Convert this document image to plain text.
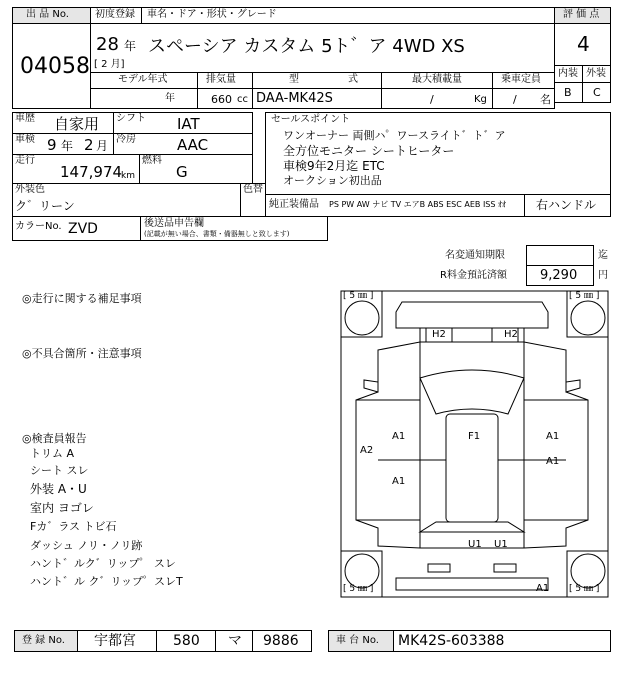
出 品 No.
04058
初度登録 車名・ドア・形状・グレード
28 年
[ 2 月]
スペーシア カスタム 5ト゛ア 4WD XS
モデル年式	排気量	型	式	最大積載量	乗車定員
年	660 cc DAA-MK42S	/	Kg / 名
評 価 点
4
内装 外装
B C
車歴 自家用 シフト IAT
車検 9 年 2 月 冷房	AAC
走行
147,974
km
燃料
G
外装色
ク゛リーン
色替
カラーNo. ZVD	後送品申告欄
(記載が無い場合、書類・備器無しと致します)
セールスポイント
ワンオーナー 両側ハ゜ワースライト゛ト゛ア
全方位モニター シートヒーター
車検9年2月迄 ETC
オークション初出品
純正装備品 PS PW AW ナビ TV エアB ABS ESC AEB ISS ｵｵ 右ハンドル
名変通知期限	迄
R料金預託済額	9,290 円
◎走行に関する補足事項
◎不具合箇所・注意事項
◎検査員報告
トリム A
シート スレ
外装 A・U
室内 ヨゴレ
Fカ゛ラス トビ石
ダッシュ ノリ・ノリ跡
ハント゛ルク゛リップ゜ スレ
ハント゛ル ク゛リップ゜スレT
[ 5 ㎜ ]	[ 5 ㎜ ]
[ 5 ㎜ ]	[ 5 ㎜ ]
H2	H2
A1
A2
A1
F1	A1
A1
U1 U1
A1
登 録 No. 宇都宮	580 マ 9886	車 台 No. MK42S-603388
